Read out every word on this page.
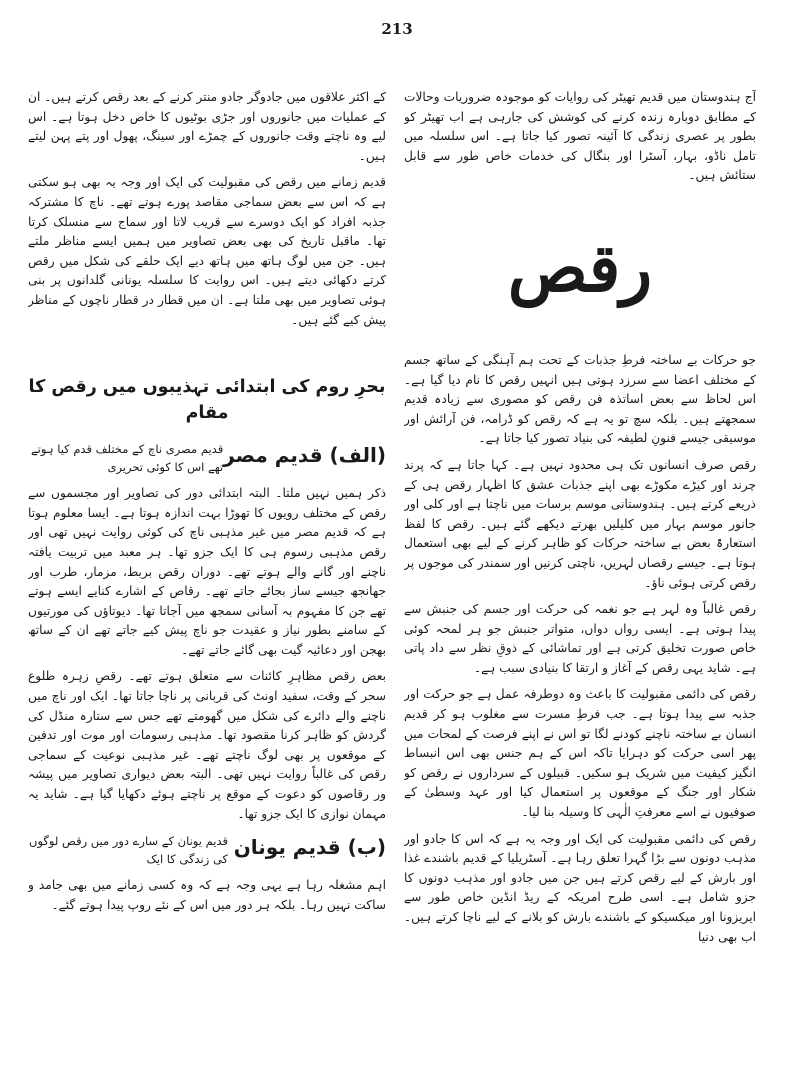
213

آج ہندوستان میں قدیم تھیٹر کی روایات کو موجودہ ضروریات وحالات کے مطابق دوبارہ زندہ کرنے کی کوشش کی جارہی ہے اب تھیٹر کو بطور پر عصری زندگی کا آئینہ تصور کیا جاتا ہے۔ اس سلسلہ میں تامل ناڈو، بہار، آسٹرا اور بنگال کی خدمات خاص طور سے قابل ستائش ہیں۔

رقص

جو حرکات بے ساختہ فرطِ جذبات کے تحت ہم آہنگی کے ساتھ جسم کے مختلف اعضا سے سرزد ہوتی ہیں انہیں رقص کا نام دیا گیا ہے۔ اس لحاظ سے بعض اساتذہ فن رقص کو مصوری سے زیادہ قدیم سمجھتے ہیں۔ بلکہ سچ تو یہ ہے کہ رقص کو ڈرامہ، فن آرائش اور موسیقی جیسے فنونِ لطیفہ کی بنیاد تصور کیا جاتا ہے۔

رقص صرف انسانوں تک ہی محدود نہیں ہے۔ کہا جاتا ہے کہ پرند چرند اور کیڑے مکوڑے بھی اپنے جذبات عشق کا اظہار رقص ہی کے ذریعے کرتے ہیں۔ ہندوستانی موسم برسات میں ناچتا ہے اور کلی اور جانور موسم بہار میں کلیلیں بھرتے دیکھے گئے ہیں۔ رقص کا لفظ استعارۃً بعض بے ساختہ حرکات کو ظاہر کرنے کے لیے بھی استعمال ہوتا ہے۔ جیسے رقصاں لہریں، ناچتی کرنیں اور سمندر کی موجوں پر رقص کرتی ہوئی ناؤ۔

رقص غالباً وہ لہر ہے جو نغمہ کی حرکت اور جسم کی جنبش سے پیدا ہوتی ہے۔ ایسی رواں دواں، متواتر جنبش جو ہر لمحہ کوئی خاص صورت تخلیق کرتی ہے اور تماشائی کے ذوقِ نظر سے داد پاتی ہے۔ شاید یہی رقص کے آغاز و ارتقا کا بنیادی سبب ہے۔

رقص کی دائمی مقبولیت کا باعث وہ دوطرفہ عمل ہے جو حرکت اور جذبہ سے پیدا ہوتا ہے۔ جب فرطِ مسرت سے مغلوب ہو کر قدیم انسان بے ساختہ ناچنے کودنے لگا تو اس نے اپنے فرصت کے لمحات میں پھر اسی حرکت کو دہرایا تاکہ اس کے ہم جنس بھی اس انبساط انگیز کیفیت میں شریک ہو سکیں۔ قبیلوں کے سرداروں نے رقص کو شکار اور جنگ کے موقعوں پر استعمال کیا اور عہد وسطیٰ کے صوفیوں نے اسے معرفتِ الٰہی کا وسیلہ بنا لیا۔

رقص کی دائمی مقبولیت کی ایک اور وجہ یہ ہے کہ اس کا جادو اور مذہب دونوں سے بڑا گہرا تعلق رہا ہے۔ آسٹریلیا کے قدیم باشندے غذا اور بارش کے لیے رقص کرتے ہیں جن میں جادو اور مذہب دونوں کا جزو شامل ہے۔ اسی طرح امریکہ کے ریڈ انڈین خاص طور سے ایریزونا اور میکسیکو کے باشندے بارش کو بلانے کے لیے ناچا کرتے ہیں۔ اب بھی دنیا

کے اکثر علاقوں میں جادوگر جادو منتر کرنے کے بعد رقص کرتے ہیں۔ ان کے عملیات میں جانوروں اور جڑی بوٹیوں کا خاص دخل ہوتا ہے۔ اس لیے وہ ناچتے وقت جانوروں کے چمڑے اور سینگ، پھول اور پتے پہن لیتے ہیں۔

قدیم زمانے میں رقص کی مقبولیت کی ایک اور وجہ یہ بھی ہو سکتی ہے کہ اس سے بعض سماجی مقاصد پورے ہوتے تھے۔ ناچ کا مشترکہ جذبہ افراد کو ایک دوسرے سے قریب لاتا اور سماج سے منسلک کرتا تھا۔ ماقبل تاریخ کی بھی بعض تصاویر میں ہمیں ایسے مناظر ملتے ہیں۔ جن میں لوگ ہاتھ میں ہاتھ دیے ایک حلقے کی شکل میں رقص کرتے دکھائی دیتے ہیں۔ اس روایت کا سلسلہ یونانی گلدانوں پر بنی ہوئی تصاویر میں بھی ملتا ہے۔ ان میں قطار در قطار ناچوں کے مناظر پیش کیے گئے ہیں۔

بحرِ روم کی ابتدائی تہذیبوں میں رقص کا مقام
(الف) قدیم مصر
قدیم مصری ناچ کے مختلف قدم کیا ہوتے تھے اس کا کوئی تحریری

ذکر ہمیں نہیں ملتا۔ البتہ ابتدائی دور کی تصاویر اور مجسموں سے رقص کے مختلف رویوں کا تھوڑا بہت اندازہ ہوتا ہے۔ ایسا معلوم ہوتا ہے کہ قدیم مصر میں غیر مذہبی ناچ کی کوئی روایت نہیں تھی اور رقص مذہبی رسوم ہی کا ایک جزو تھا۔ ہر معبد میں تربیت یافتہ ناچنے اور گانے والے ہوتے تھے۔ دوران رقص بربط، مزمار، طرب اور جھانجھ جیسے ساز بجائے جاتے تھے۔ رقاص کے اشارے کنایے ایسے ہوتے تھے جن کا مفہوم بہ آسانی سمجھ میں آجاتا تھا۔ دیوتاؤں کی مورتیوں کے سامنے بطور نیاز و عقیدت جو ناچ پیش کیے جاتے تھے ان کے ساتھ بھجن اور دعائیہ گیت بھی گائے جاتے تھے۔

بعض رقص مظاہرِ کائنات سے متعلق ہوتے تھے۔ رقصِ زہرہ طلوع سحر کے وقت، سفید اونٹ کی قربانی پر ناچا جاتا تھا۔ ایک اور ناچ میں ناچنے والے دائرے کی شکل میں گھومتے تھے جس سے ستارہ منڈل کی گردش کو ظاہر کرنا مقصود تھا۔ مذہبی رسومات اور موت اور تدفین کے موقعوں پر بھی لوگ ناچتے تھے۔ غیر مذہبی نوعیت کے سماجی رقص کی غالباً روایت نہیں تھی۔ البتہ بعض دیواری تصاویر میں پیشہ ور رقاصوں کو دعوت کے موقع پر ناچتے ہوئے دکھایا گیا ہے۔ شاید یہ مہمان نوازی کا ایک جزو تھا۔

(ب) قدیم یونان
قدیم یونان کے سارے دور میں رقص لوگوں کی زندگی کا ایک

اہم مشغلہ رہا ہے یہی وجہ ہے کہ وہ کسی زمانے میں بھی جامد و ساکت نہیں رہا۔ بلکہ ہر دور میں اس کے نئے روپ پیدا ہوتے گئے۔
